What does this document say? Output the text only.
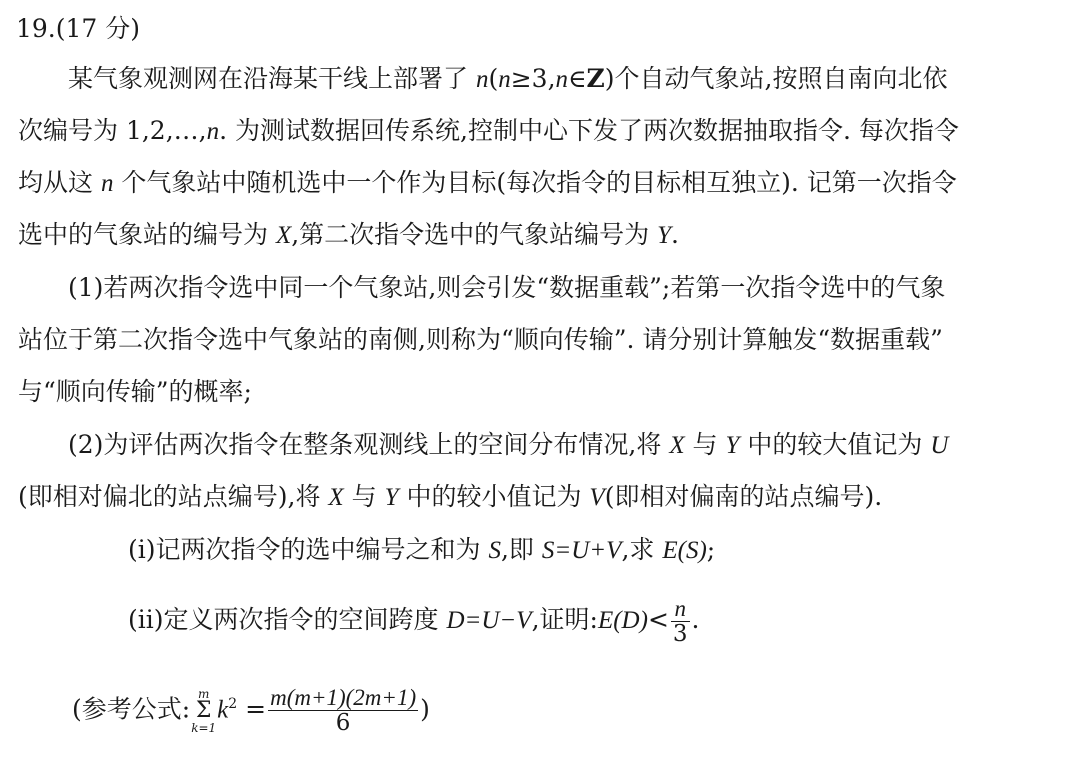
19.(17 分)
某气象观测网在沿海某干线上部署了 n(n≥3,n∈Z)个自动气象站,按照自南向北依
次编号为 1,2,…,n. 为测试数据回传系统,控制中心下发了两次数据抽取指令. 每次指令
均从这 n 个气象站中随机选中一个作为目标(每次指令的目标相互独立). 记第一次指令
选中的气象站的编号为 X,第二次指令选中的气象站编号为 Y.
(1)若两次指令选中同一个气象站,则会引发“数据重载”;若第一次指令选中的气象
站位于第二次指令选中气象站的南侧,则称为“顺向传输”. 请分别计算触发“数据重载”
与“顺向传输”的概率;
(2)为评估两次指令在整条观测线上的空间分布情况,将 X 与 Y 中的较大值记为 U
(即相对偏北的站点编号),将 X 与 Y 中的较小值记为 V(即相对偏南的站点编号).
(ⅰ)记两次指令的选中编号之和为 S,即 S=U+V,求 E(S);
(ⅱ)定义两次指令的空间跨度 D=U−V,证明:E(D)< $\frac{n}{3}$ .
(参考公式:
m
Σ
k=1
$k^2 = \frac{m(m+1)(2m+1)}{6}$ )
